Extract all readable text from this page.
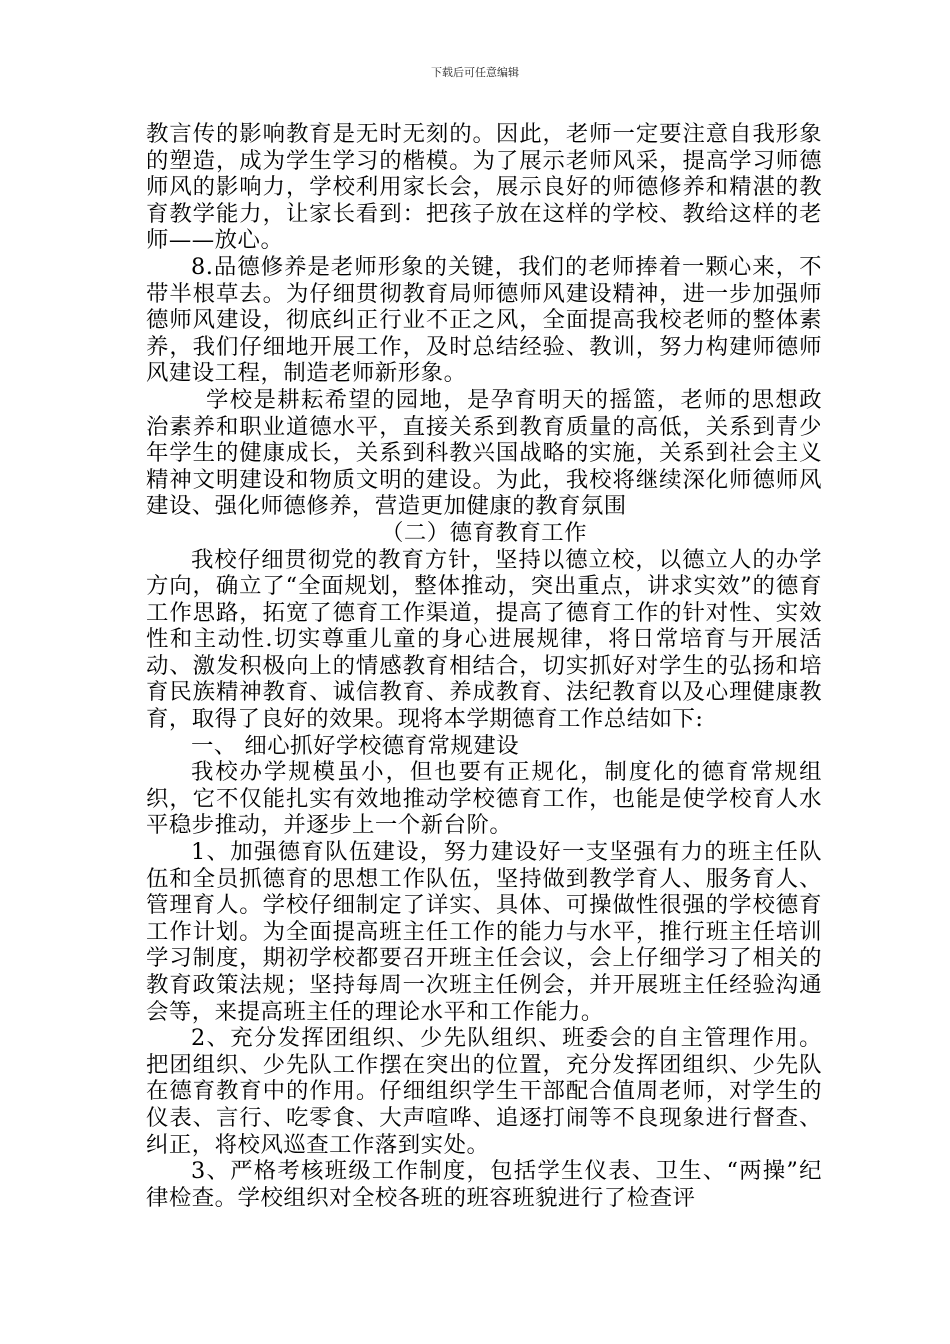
下载后可任意编辑

教言传的影响教育是无时无刻的。因此，老师一定要注意自我形象的塑造，成为学生学习的楷模。为了展示老师风采，提高学习师德师风的影响力，学校利用家长会，展示良好的师德修养和精湛的教育教学能力，让家长看到：把孩子放在这样的学校、教给这样的老师——放心。

8.品德修养是老师形象的关键，我们的老师捧着一颗心来，不带半根草去。为仔细贯彻教育局师德师风建设精神，进一步加强师德师风建设，彻底纠正行业不正之风，全面提高我校老师的整体素养，我们仔细地开展工作，及时总结经验、教训，努力构建师德师风建设工程，制造老师新形象。

学校是耕耘希望的园地，是孕育明天的摇篮，老师的思想政治素养和职业道德水平，直接关系到教育质量的高低，关系到青少年学生的健康成长，关系到科教兴国战略的实施，关系到社会主义精神文明建设和物质文明的建设。为此，我校将继续深化师德师风建设、强化师德修养，营造更加健康的教育氛围

（二）德育教育工作

我校仔细贯彻党的教育方针，坚持以德立校，以德立人的办学方向，确立了“全面规划，整体推动，突出重点，讲求实效”的德育工作思路，拓宽了德育工作渠道，提高了德育工作的针对性、实效性和主动性.切实尊重儿童的身心进展规律，将日常培育与开展活动、激发积极向上的情感教育相结合，切实抓好对学生的弘扬和培育民族精神教育、诚信教育、养成教育、法纪教育以及心理健康教育，取得了良好的效果。现将本学期德育工作总结如下:

一、 细心抓好学校德育常规建设

我校办学规模虽小，但也要有正规化，制度化的德育常规组织，它不仅能扎实有效地推动学校德育工作，也能是使学校育人水平稳步推动，并逐步上一个新台阶。

1、加强德育队伍建设，努力建设好一支坚强有力的班主任队伍和全员抓德育的思想工作队伍，坚持做到教学育人、服务育人、管理育人。学校仔细制定了详实、具体、可操做性很强的学校德育工作计划。为全面提高班主任工作的能力与水平，推行班主任培训学习制度，期初学校都要召开班主任会议，会上仔细学习了相关的教育政策法规；坚持每周一次班主任例会，并开展班主任经验沟通会等，来提高班主任的理论水平和工作能力。

2、充分发挥团组织、少先队组织、班委会的自主管理作用。把团组织、少先队工作摆在突出的位置，充分发挥团组织、少先队在德育教育中的作用。仔细组织学生干部配合值周老师，对学生的仪表、言行、吃零食、大声喧哗、追逐打闹等不良现象进行督查、纠正，将校风巡查工作落到实处。

3、严格考核班级工作制度，包括学生仪表、卫生、“两操”纪律检查。学校组织对全校各班的班容班貌进行了检查评
